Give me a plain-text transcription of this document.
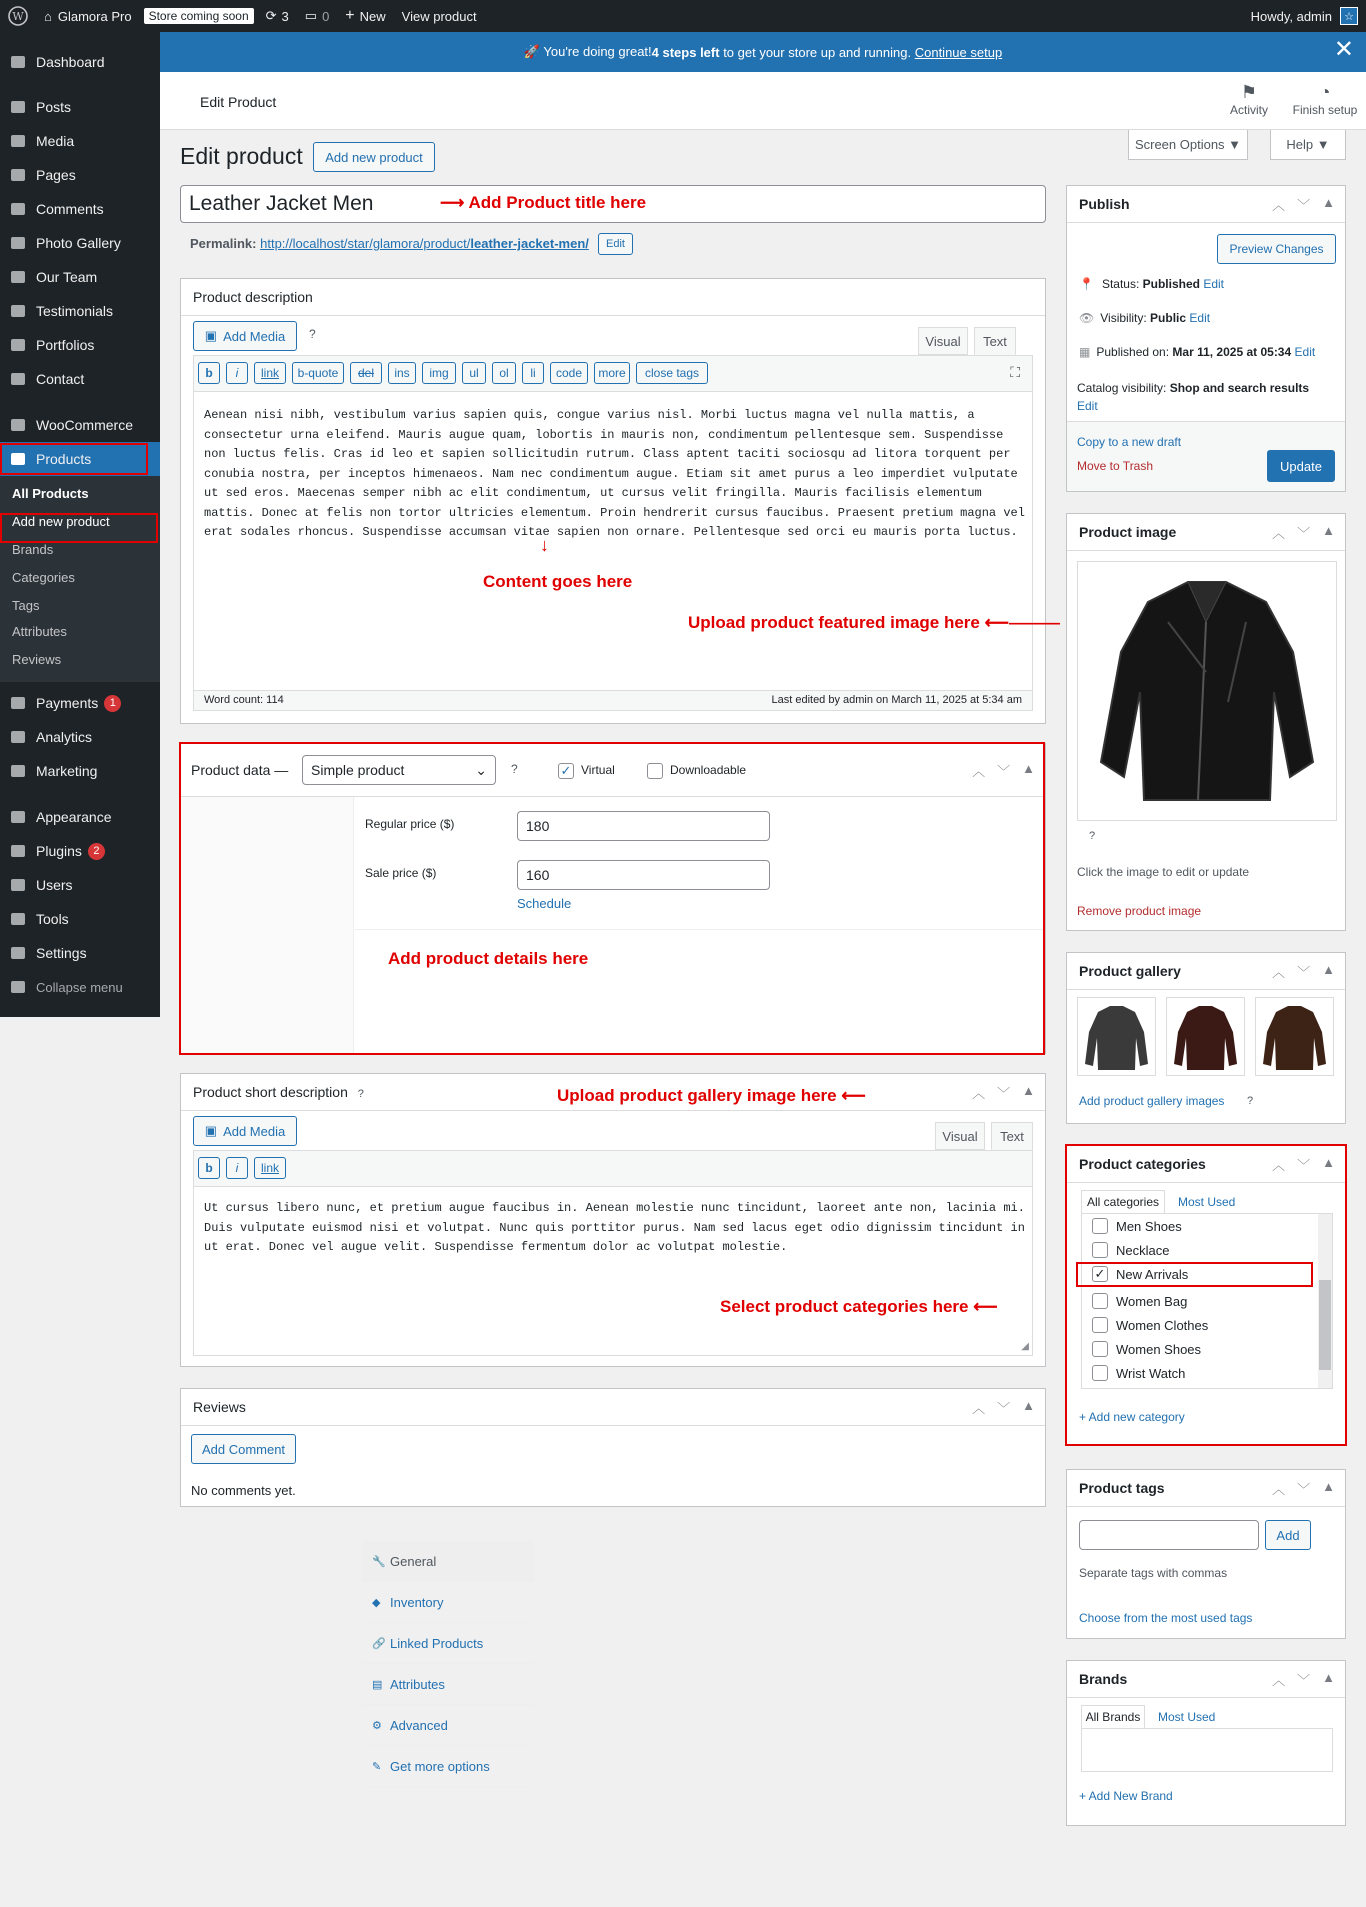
W ⌂ Glamora Pro	Store coming soon	⟳ 3 ▭ 0 + New	View product	Howdy, admin	☆
All Products
Add new product
Brands
Categories
Tags
Attributes
Reviews
Dashboard
Posts
Media
Pages
Comments
Photo Gallery
Our Team
Testimonials
Portfolios
Contact
WooCommerce
Products
Payments	1
Analytics
Marketing
Appearance
Plugins	2
Users
Tools
Settings
Collapse menu
🚀 You're doing great! 4 steps left to get your store up and running. Continue setup	✕
Edit Product	⚑
Activity
◔
Finish setup
Screen Options ▼	Help ▼
Edit product	Add new product
Leather Jacket Men	⟶ Add Product title here
Permalink: http://localhost/star/glamora/product/leather-jacket-men/	Edit
Product description
▣ Add Media ?	Visual	Text
⛶
Aenean nisi nibh, vestibulum varius sapien quis, congue varius nisl. Morbi luctus magna vel nulla mattis, a
consectetur urna eleifend. Mauris augue quam, lobortis in mauris non, condimentum pellentesque sem. Suspendisse
non luctus felis. Cras id leo et sapien sollicitudin rutrum. Class aptent taciti sociosqu ad litora torquent per
conubia nostra, per inceptos himenaeos. Nam nec condimentum augue. Etiam sit amet purus a leo imperdiet vulputate
ut sed eros. Maecenas semper nibh ac elit condimentum, ut cursus velit fringilla. Mauris facilisis elementum
mattis. Donec at felis non tortor ultricies elementum. Proin hendrerit cursus faucibus. Praesent pretium magna vel
erat sodales rhoncus. Suspendisse accumsan vitae sapien non ornare. Pellentesque sed orci eu mauris porta luctus.
Word count: 114	Last edited by admin on March 11, 2025 at 5:34 am
b	i	link	b-quote	del	ins	img	ul	ol	li	code	more	close tags
↓
Content goes here
Upload product featured image here ⟵———
Product data — Simple product	⌄ ?	✓ Virtual	Downloadable	︿ ﹀ ▲
🔧 General
◆ Inventory
🔗 Linked Products
▤ Attributes
⚙ Advanced
✎ Get more options
Regular price ($)	180
Sale price ($)	160
Schedule
Add product details here
Product short description ?	︿ ﹀ ▲
▣ Add Media	Visual	Text
Ut cursus libero nunc, et pretium augue faucibus in. Aenean molestie nunc tincidunt, laoreet ante non, lacinia mi.
Duis vulputate euismod nisi et volutpat. Nunc quis porttitor purus. Nam sed lacus eget odio dignissim tincidunt in
ut erat. Donec vel augue velit. Suspendisse fermentum dolor ac volutpat molestie.
◢
b	i	link
Upload product gallery image here ⟵
Select product categories here ⟵
Reviews	︿ ﹀ ▲
Add Comment
No comments yet.
Publish	︿ ﹀ ▲
Preview Changes
📍 Status: Published Edit
👁 Visibility: Public Edit
▦ Published on: Mar 11, 2025 at 05:34 Edit
Catalog visibility: Shop and search results
Edit
Copy to a new draft
Move to Trash	Update
Product image	︿ ﹀ ▲
?
Click the image to edit or update
Remove product image
Product gallery	︿ ﹀ ▲
Add product gallery images ?
Product categories	︿ ﹀ ▲
All categories	Most Used
+ Add new category
Men Shoes
Necklace
✓ New Arrivals
Women Bag
Women Clothes
Women Shoes
Wrist Watch
Product tags	︿ ﹀ ▲
Add
Separate tags with commas
Choose from the most used tags
Brands	︿ ﹀ ▲
All Brands	Most Used
+ Add New Brand
